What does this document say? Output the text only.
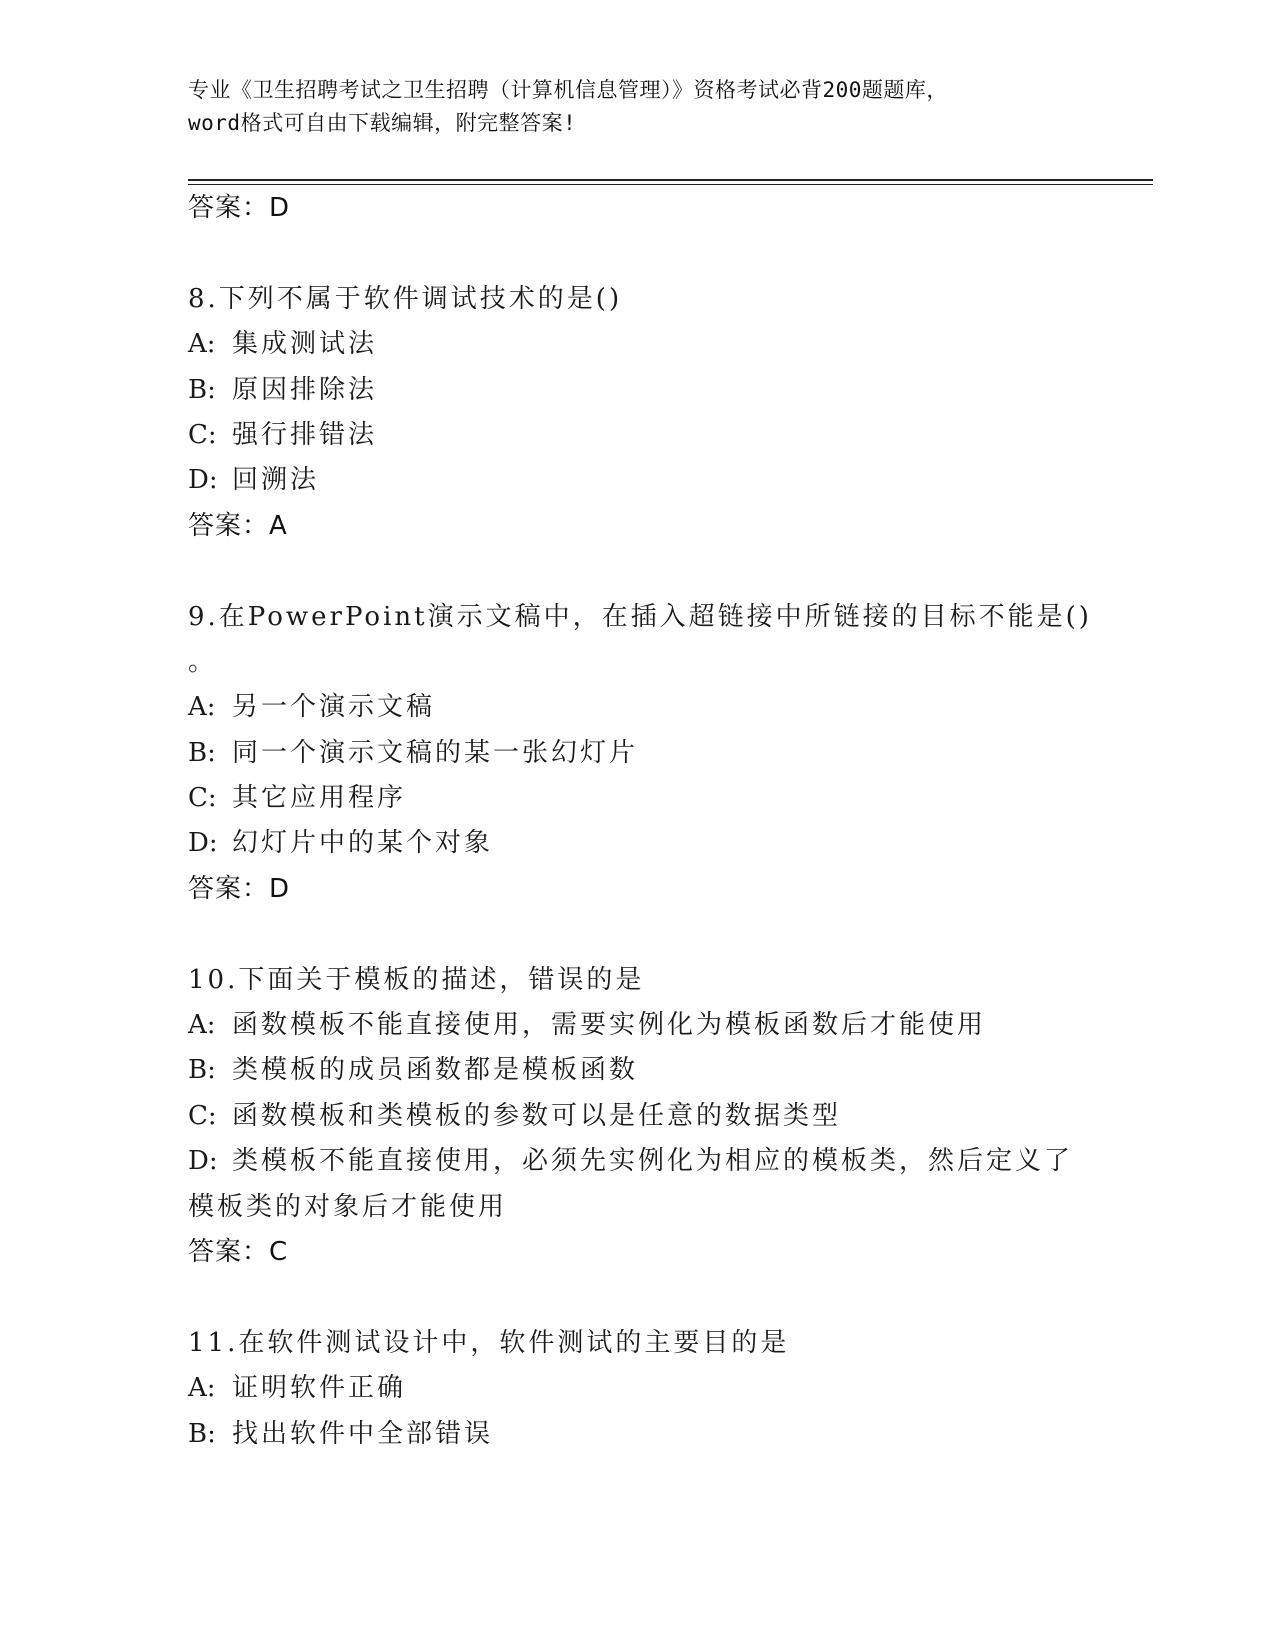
专业《卫生招聘考试之卫生招聘（计算机信息管理）》资格考试必背200题题库，
word格式可自由下载编辑，附完整答案!
答案：D
8.下列不属于软件调试技术的是()
A: 集成测试法
B: 原因排除法
C: 强行排错法
D: 回溯法
答案：A
9.在PowerPoint演示文稿中，在插入超链接中所链接的目标不能是()
。
A: 另一个演示文稿
B: 同一个演示文稿的某一张幻灯片
C: 其它应用程序
D: 幻灯片中的某个对象
答案：D
10.下面关于模板的描述，错误的是
A: 函数模板不能直接使用，需要实例化为模板函数后才能使用
B: 类模板的成员函数都是模板函数
C: 函数模板和类模板的参数可以是任意的数据类型
D: 类模板不能直接使用，必须先实例化为相应的模板类，然后定义了
模板类的对象后才能使用
答案：C
11.在软件测试设计中，软件测试的主要目的是
A: 证明软件正确
B: 找出软件中全部错误
